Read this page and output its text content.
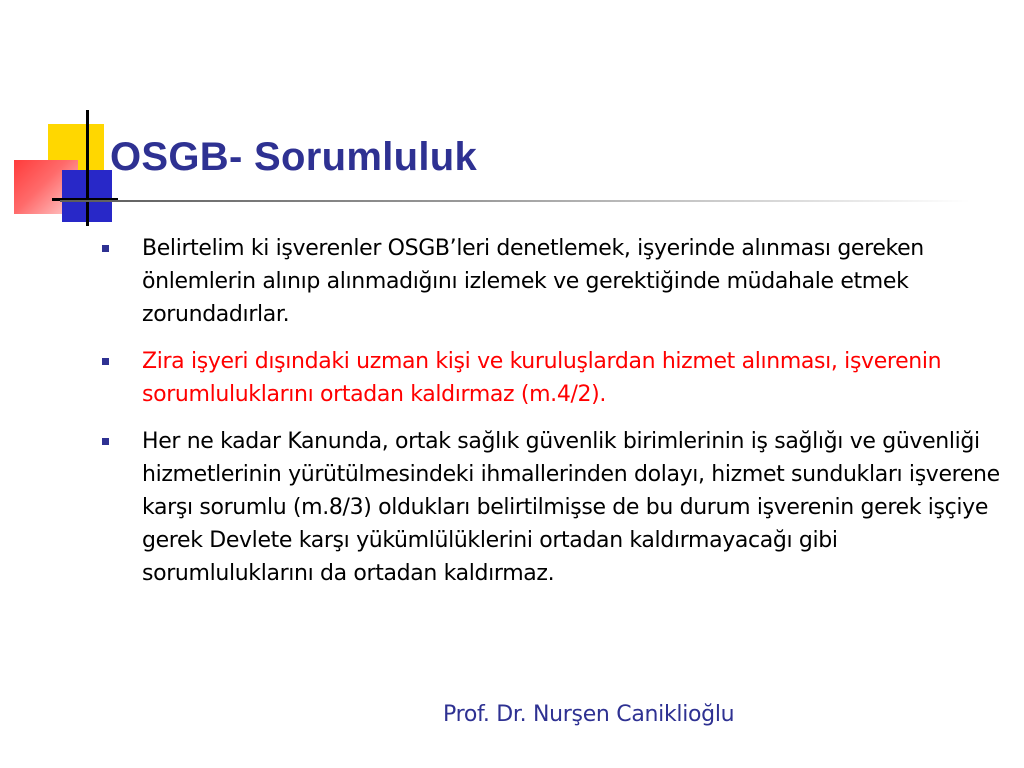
OSGB- Sorumluluk
Belirtelim ki işverenler OSGB’leri denetlemek, işyerinde alınması gereken önlemlerin alınıp alınmadığını izlemek ve gerektiğinde müdahale etmek zorundadırlar.
Zira işyeri dışındaki uzman kişi ve kuruluşlardan hizmet alınması, işverenin sorumluluklarını ortadan kaldırmaz (m.4/2).
Her ne kadar Kanunda, ortak sağlık güvenlik birimlerinin iş sağlığı ve güvenliği hizmetlerinin yürütülmesindeki ihmallerinden dolayı, hizmet sundukları işverene karşı sorumlu (m.8/3) oldukları belirtilmişse de bu durum işverenin gerek işçiye gerek Devlete karşı yükümlülüklerini ortadan kaldırmayacağı gibi sorumluluklarını da ortadan kaldırmaz.
Prof. Dr. Nurşen Caniklioğlu
